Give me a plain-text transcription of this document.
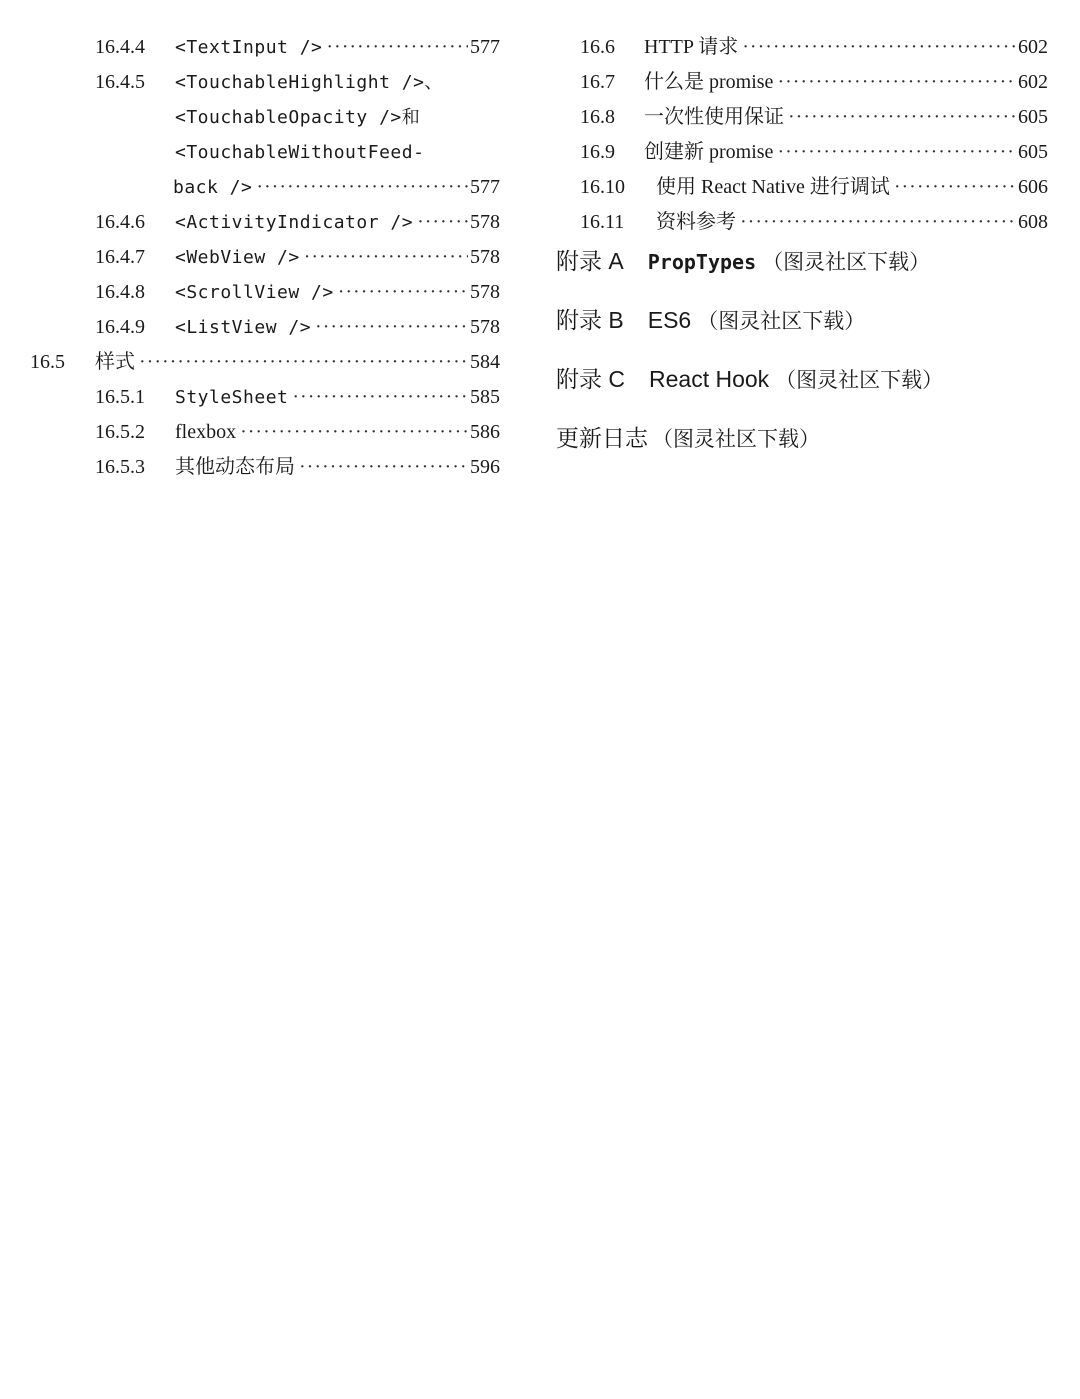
16.4.4 <TextInput /> ·····	577
16.4.5 <TouchableHighlight />、
<TouchableOpacity />和
<TouchableWithoutFeed-
back /> ·····	577
16.4.6 <ActivityIndicator /> ·····	578
16.4.7 <WebView /> ·····	578
16.4.8 <ScrollView /> ·····	578
16.4.9 <ListView /> ·····	578
16.5 样式 ·····	584
16.5.1 StyleSheet ·····	585
16.5.2 flexbox ·····	586
16.5.3 其他动态布局 ·····	596
16.6 HTTP 请求 ·····	602
16.7 什么是 promise ·····	602
16.8 一次性使用保证 ·····	605
16.9 创建新 promise ·····	605
16.10 使用 React Native 进行调试 ·····	606
16.11 资料参考 ·····	608
附录 A PropTypes （图灵社区下载）
附录 B ES6 （图灵社区下载）
附录 C React Hook （图灵社区下载）
更新日志 （图灵社区下载）
